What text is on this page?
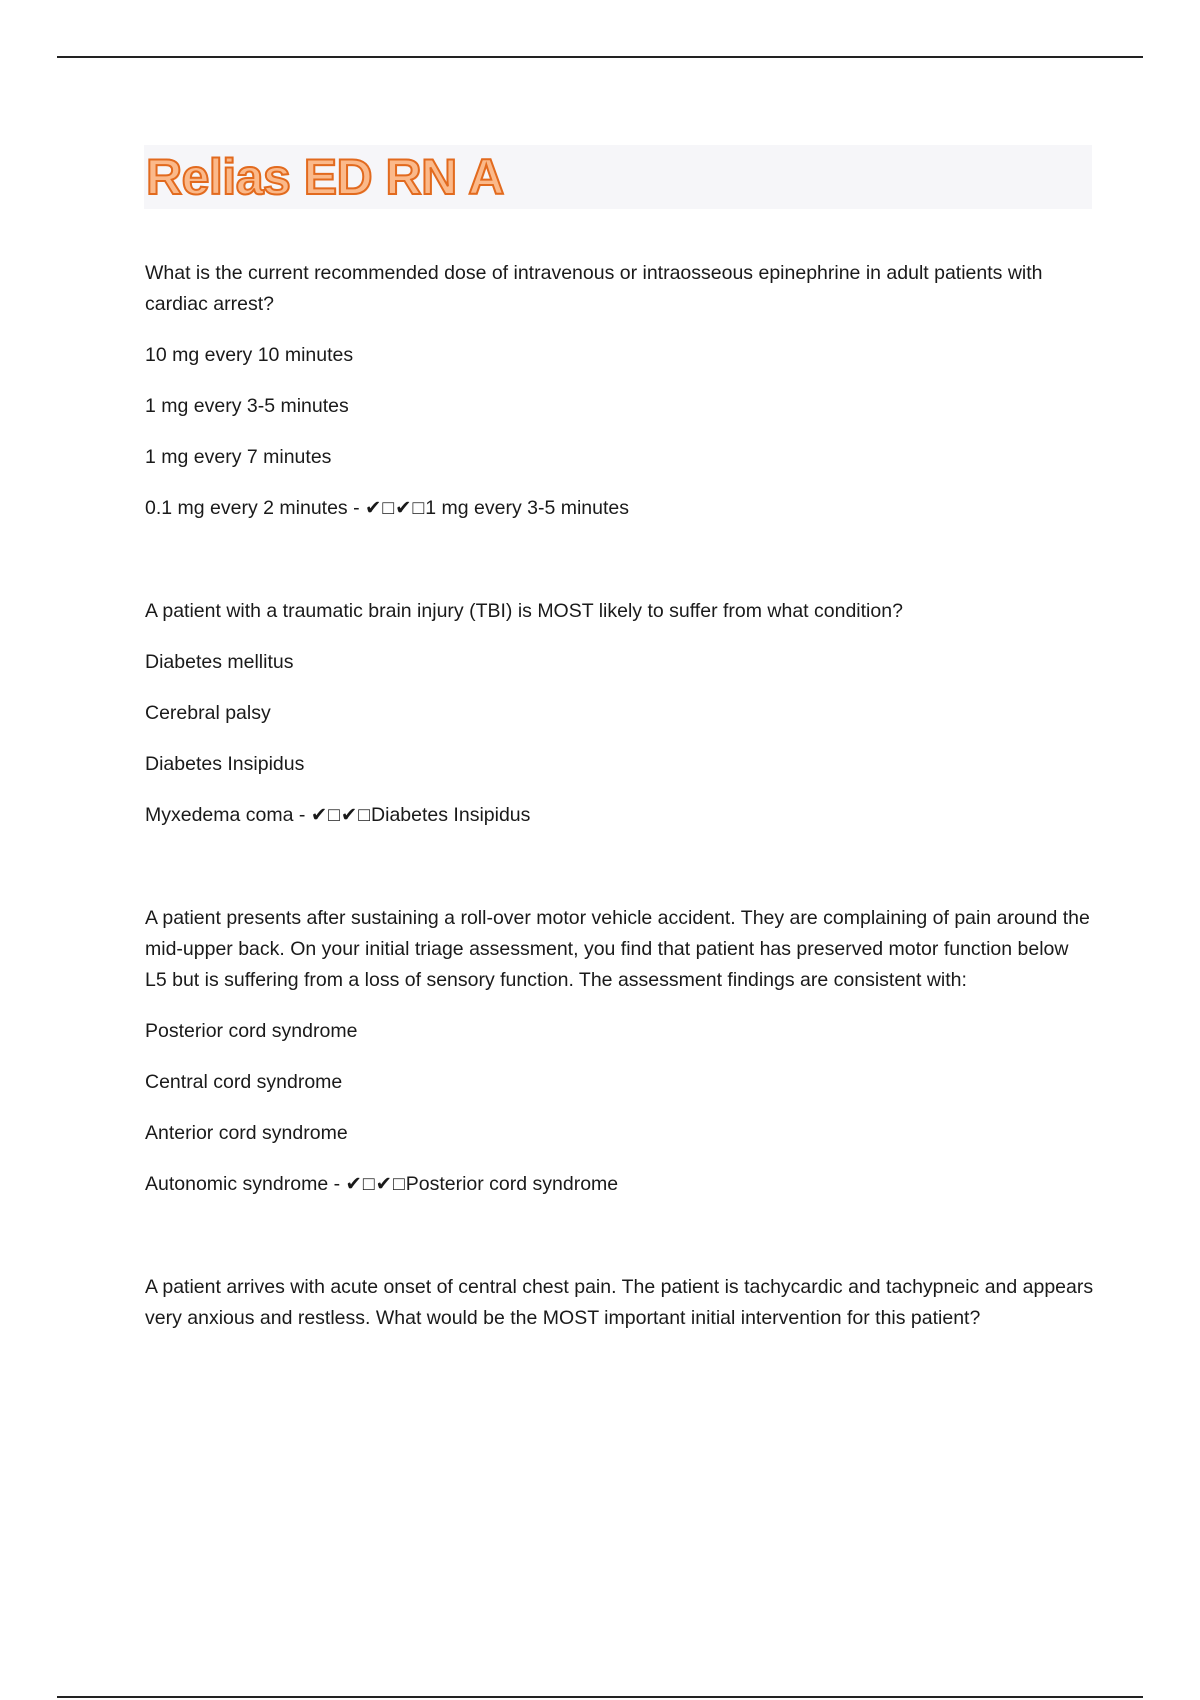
Relias ED RN A
What is the current recommended dose of intravenous or intraosseous epinephrine in adult patients with cardiac arrest?
10 mg every 10 minutes
1 mg every 3-5 minutes
1 mg every 7 minutes
0.1 mg every 2 minutes - ✔□✔□1 mg every 3-5 minutes
A patient with a traumatic brain injury (TBI) is MOST likely to suffer from what condition?
Diabetes mellitus
Cerebral palsy
Diabetes Insipidus
Myxedema coma - ✔□✔□Diabetes Insipidus
A patient presents after sustaining a roll-over motor vehicle accident. They are complaining of pain around the mid-upper back. On your initial triage assessment, you find that patient has preserved motor function below L5 but is suffering from a loss of sensory function. The assessment findings are consistent with:
Posterior cord syndrome
Central cord syndrome
Anterior cord syndrome
Autonomic syndrome - ✔□✔□Posterior cord syndrome
A patient arrives with acute onset of central chest pain. The patient is tachycardic and tachypneic and appears very anxious and restless. What would be the MOST important initial intervention for this patient?
